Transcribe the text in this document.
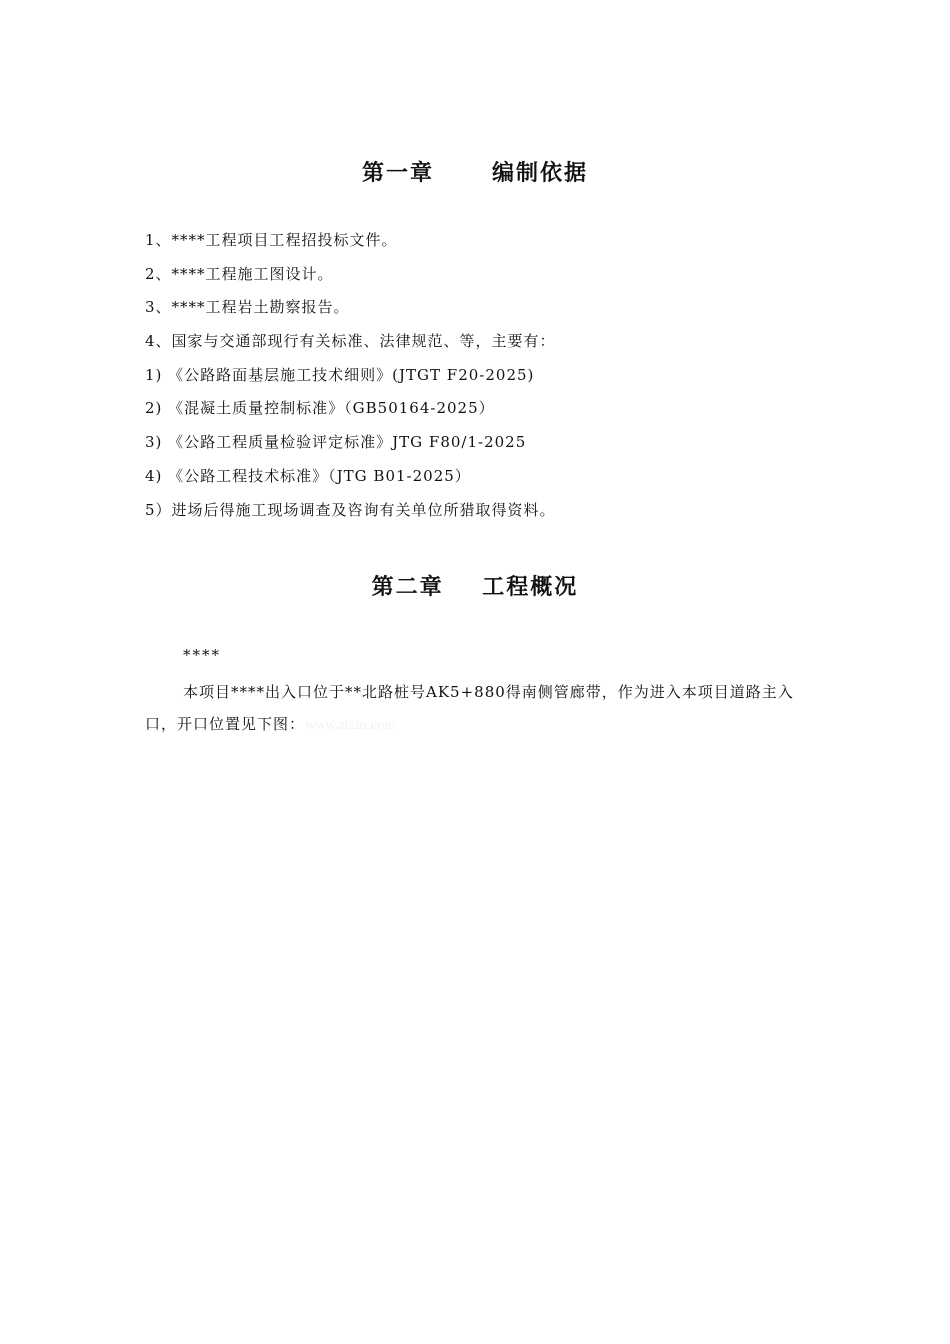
第一章      编制依据
1、****工程项目工程招投标文件。
2、****工程施工图设计。
3、****工程岩土勘察报告。
4、国家与交通部现行有关标准、法律规范、等，主要有：
1) 《公路路面基层施工技术细则》(JTGT F20-2025)
2) 《混凝土质量控制标准》（GB50164-2025）
3) 《公路工程质量检验评定标准》JTG F80/1-2025
4) 《公路工程技术标准》（JTG B01-2025）
5）进场后得施工现场调查及咨询有关单位所猎取得资料。
第二章    工程概况

****

本项目****出入口位于**北路桩号AK5+880得南侧管廊带，作为进入本项目道路主入口，开口位置见下图：www.zixin.com
